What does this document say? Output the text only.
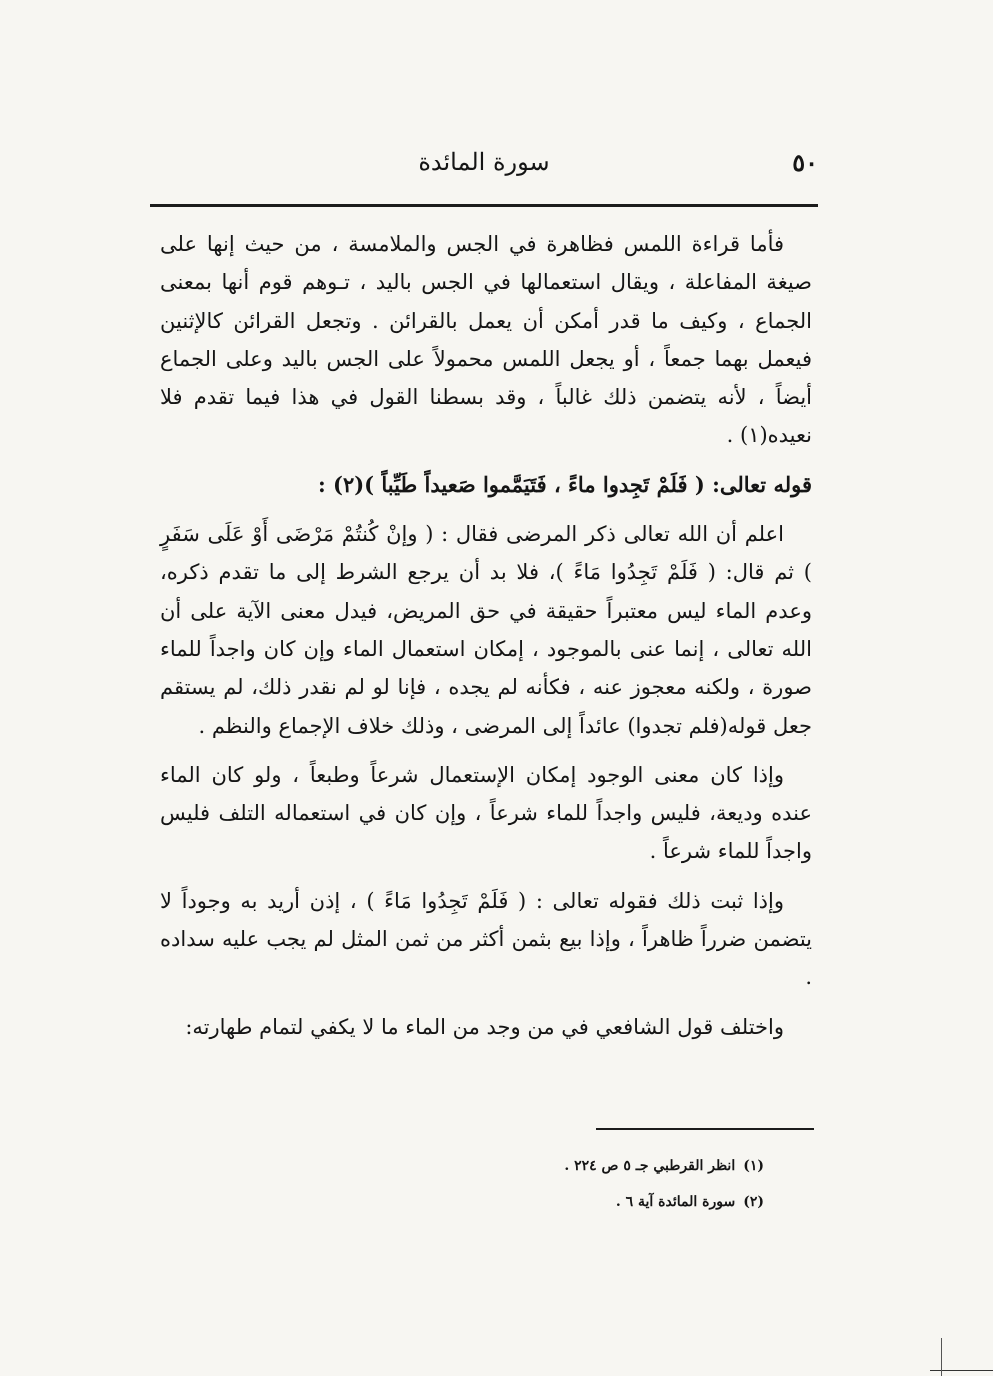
٥٠
سورة المائدة

فأما قراءة اللمس فظاهرة في الجس والملامسة ، من حيث إنها على صيغة المفاعلة ، ويقال استعمالها في الجس باليد ، تـوهم قوم أنها بمعنى الجماع ، وكيف ما قدر أمكن أن يعمل بالقرائن . وتجعل القرائن كالإثنين فيعمل بهما جمعاً ، أو يجعل اللمس محمولاً على الجس باليد وعلى الجماع أيضاً ، لأنه يتضمن ذلك غالباً ، وقد بسطنا القول في هذا فيما تقدم فلا نعيده(١) .

قوله تعالى: ( فَلَمْ تَجِدوا ماءً ، فَتَيَمَّموا صَعيداً طَيِّباً )(٢) :

اعلم أن الله تعالى ذكر المرضى فقال : ( وإنْ كُنتُمْ مَرْضَى أَوْ عَلَى سَفَرٍ ) ثم قال: ( فَلَمْ تَجِدُوا مَاءً )، فلا بد أن يرجع الشرط إلى ما تقدم ذكره، وعدم الماء ليس معتبراً حقيقة في حق المريض، فيدل معنى الآية على أن الله تعالى ، إنما عنى بالموجود ، إمكان استعمال الماء وإن كان واجداً للماء صورة ، ولكنه معجوز عنه ، فكأنه لم يجده ، فإنا لو لم نقدر ذلك، لم يستقم جعل قوله(فلم تجدوا) عائداً إلى المرضى ، وذلك خلاف الإجماع والنظم .

وإذا كان معنى الوجود إمكان الإستعمال شرعاً وطبعاً ، ولو كان الماء عنده وديعة، فليس واجداً للماء شرعاً ، وإن كان في استعماله التلف فليس واجداً للماء شرعاً .

وإذا ثبت ذلك فقوله تعالى : ( فَلَمْ تَجِدُوا مَاءً ) ، إذن أريد به وجوداً لا يتضمن ضرراً ظاهراً ، وإذا بيع بثمن أكثر من ثمن المثل لم يجب عليه سداده .

واختلف قول الشافعي في من وجد من الماء ما لا يكفي لتمام طهارته:

(١)انظر القرطبي جـ ٥ ص ٢٢٤ .
(٢)سورة المائدة آية ٦ .
